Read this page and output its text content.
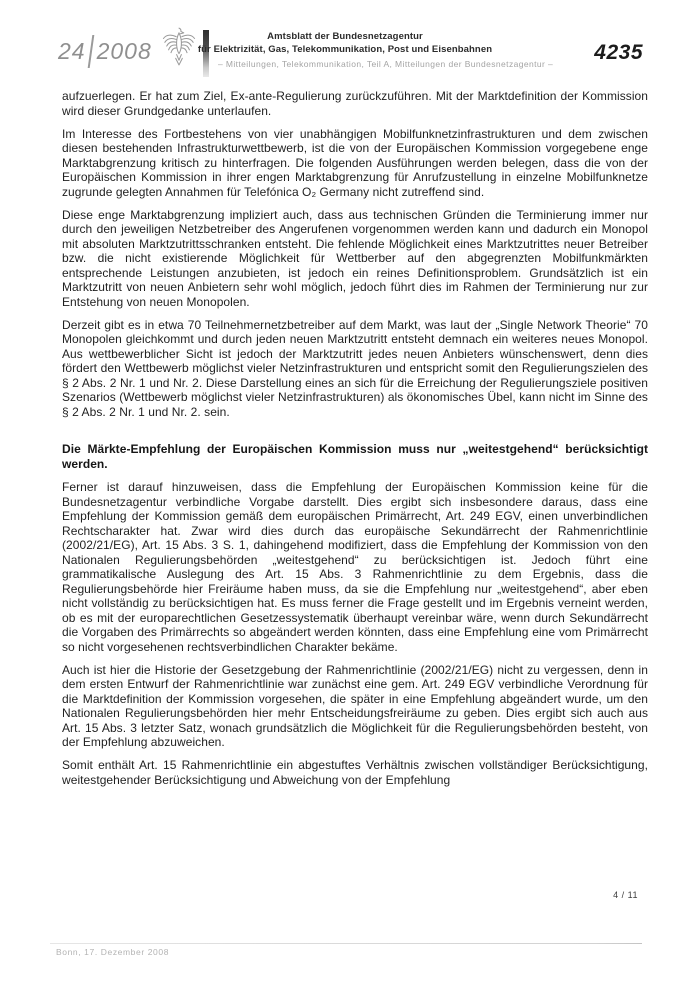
24 2008
Amtsblatt der Bundesnetzagentur
für Elektrizität, Gas, Telekommunikation, Post und Eisenbahnen
– Mitteilungen, Telekommunikation, Teil A, Mitteilungen der Bundesnetzagentur – 4235

aufzuerlegen. Er hat zum Ziel, Ex-ante-Regulierung zurückzuführen. Mit der Marktdefinition der Kommission wird dieser Grundgedanke unterlaufen.

Im Interesse des Fortbestehens von vier unabhängigen Mobilfunknetzinfrastrukturen und dem zwischen diesen bestehenden Infrastrukturwettbewerb, ist die von der Europäischen Kommission vorgegebene enge Marktabgrenzung kritisch zu hinterfragen. Die folgenden Ausführungen werden belegen, dass die von der Europäischen Kommission in ihrer engen Marktabgrenzung für Anrufzustellung in einzelne Mobilfunknetze zugrunde gelegten Annahmen für Telefónica O₂ Germany nicht zutreffend sind.

Diese enge Marktabgrenzung impliziert auch, dass aus technischen Gründen die Terminierung immer nur durch den jeweiligen Netzbetreiber des Angerufenen vorgenommen werden kann und dadurch ein Monopol mit absoluten Marktzutrittsschranken entsteht. Die fehlende Möglichkeit eines Marktzutrittes neuer Betreiber bzw. die nicht existierende Möglichkeit für Wettberber auf den abgegrenzten Mobilfunkmärkten entsprechende Leistungen anzubieten, ist jedoch ein reines Definitionsproblem. Grundsätzlich ist ein Marktzutritt von neuen Anbietern sehr wohl möglich, jedoch führt dies im Rahmen der Terminierung nur zur Entstehung von neuen Monopolen.

Derzeit gibt es in etwa 70 Teilnehmernetzbetreiber auf dem Markt, was laut der „Single Network Theorie“ 70 Monopolen gleichkommt und durch jeden neuen Marktzutritt entsteht demnach ein weiteres neues Monopol. Aus wettbewerblicher Sicht ist jedoch der Marktzutritt jedes neuen Anbieters wünschenswert, denn dies fördert den Wettbewerb möglichst vieler Netzinfrastrukturen und entspricht somit den Regulierungszielen des § 2 Abs. 2 Nr. 1 und Nr. 2. Diese Darstellung eines an sich für die Erreichung der Regulierungsziele positiven Szenarios (Wettbewerb möglichst vieler Netzinfrastrukturen) als ökonomisches Übel, kann nicht im Sinne des § 2 Abs. 2 Nr. 1 und Nr. 2. sein.

Die Märkte-Empfehlung der Europäischen Kommission muss nur „weitestgehend“ berücksichtigt werden.

Ferner ist darauf hinzuweisen, dass die Empfehlung der Europäischen Kommission keine für die Bundesnetzagentur verbindliche Vorgabe darstellt. Dies ergibt sich insbesondere daraus, dass eine Empfehlung der Kommission gemäß dem europäischen Primärrecht, Art. 249 EGV, einen unverbindlichen Rechtscharakter hat. Zwar wird dies durch das europäische Sekundärrecht der Rahmenrichtlinie (2002/21/EG), Art. 15 Abs. 3 S. 1, dahingehend modifiziert, dass die Empfehlung der Kommission von den Nationalen Regulierungsbehörden „weitestgehend“ zu berücksichtigen ist. Jedoch führt eine grammatikalische Auslegung des Art. 15 Abs. 3 Rahmenrichtlinie zu dem Ergebnis, dass die Regulierungsbehörde hier Freiräume haben muss, da sie die Empfehlung nur „weitestgehend“, aber eben nicht vollständig zu berücksichtigen hat. Es muss ferner die Frage gestellt und im Ergebnis verneint werden, ob es mit der europarechtlichen Gesetzessystematik überhaupt vereinbar wäre, wenn durch Sekundärrecht die Vorgaben des Primärrechts so abgeändert werden könnten, dass eine Empfehlung eine vom Primärrecht so nicht vorgesehenen rechtsverbindlichen Charakter bekäme.

Auch ist hier die Historie der Gesetzgebung der Rahmenrichtlinie (2002/21/EG) nicht zu vergessen, denn in dem ersten Entwurf der Rahmenrichtlinie war zunächst eine gem. Art. 249 EGV verbindliche Verordnung für die Marktdefinition der Kommission vorgesehen, die später in eine Empfehlung abgeändert wurde, um den Nationalen Regulierungsbehörden hier mehr Entscheidungsfreiräume zu geben. Dies ergibt sich auch aus Art. 15 Abs. 3 letzter Satz, wonach grundsätzlich die Möglichkeit für die Regulierungsbehörden besteht, von der Empfehlung abzuweichen.

Somit enthält Art. 15 Rahmenrichtlinie ein abgestuftes Verhältnis zwischen vollständiger Berücksichtigung, weitestgehender Berücksichtigung und Abweichung von der Empfehlung

4 / 11
Bonn, 17. Dezember 2008
